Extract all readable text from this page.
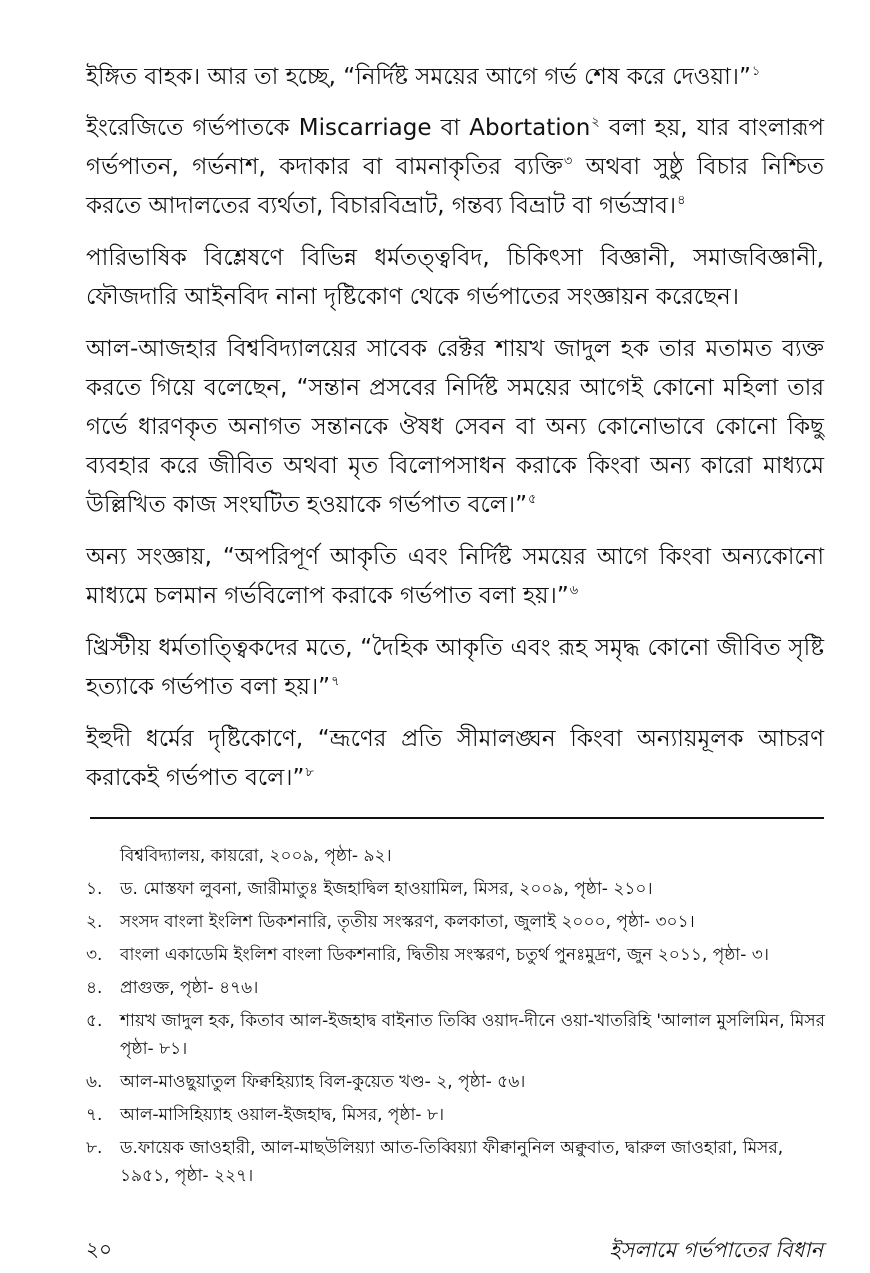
ইঙ্গিত বাহক। আর তা হচ্ছে, “নির্দিষ্ট সময়ের আগে গর্ভ শেষ করে দেওয়া।”$^১$

ইংরেজিতে গর্ভপাতকে Miscarriage বা Abortation$^২$ বলা হয়, যার বাংলারূপ গর্ভপাতন, গর্ভনাশ, কদাকার বা বামনাকৃতির ব্যক্তি$^৩$ অথবা সুষ্ঠু বিচার নিশ্চিত করতে আদালতের ব্যর্থতা, বিচারবিভ্রাট, গন্তব্য বিভ্রাট বা গর্ভস্রাব।$^৪$

পারিভাষিক বিশ্লেষণে বিভিন্ন ধর্মতত্ত্ববিদ, চিকিৎসা বিজ্ঞানী, সমাজবিজ্ঞানী, ফৌজদারি আইনবিদ নানা দৃষ্টিকোণ থেকে গর্ভপাতের সংজ্ঞায়ন করেছেন।

আল-আজহার বিশ্ববিদ্যালয়ের সাবেক রেক্টর শায়খ জাদুল হক তার মতামত ব্যক্ত করতে গিয়ে বলেছেন, “সন্তান প্রসবের নির্দিষ্ট সময়ের আগেই কোনো মহিলা তার গর্ভে ধারণকৃত অনাগত সন্তানকে ঔষধ সেবন বা অন্য কোনোভাবে কোনো কিছু ব্যবহার করে জীবিত অথবা মৃত বিলোপসাধন করাকে কিংবা অন্য কারো মাধ্যমে উল্লিখিত কাজ সংঘটিত হওয়াকে গর্ভপাত বলে।”$^৫$

অন্য সংজ্ঞায়, “অপরিপূর্ণ আকৃতি এবং নির্দিষ্ট সময়ের আগে কিংবা অন্যকোনো মাধ্যমে চলমান গর্ভবিলোপ করাকে গর্ভপাত বলা হয়।”$^৬$

খ্রিস্টীয় ধর্মতাত্ত্বিকদের মতে, “দৈহিক আকৃতি এবং রূহ সমৃদ্ধ কোনো জীবিত সৃষ্টি হত্যাকে গর্ভপাত বলা হয়।”$^৭$

ইহুদী ধর্মের দৃষ্টিকোণে, “ভ্রূণের প্রতি সীমালঙ্ঘন কিংবা অন্যায়মূলক আচরণ করাকেই গর্ভপাত বলে।”$^৮$

বিশ্ববিদ্যালয়, কায়রো, ২০০৯, পৃষ্ঠা- ৯২।
১.	ড. মোস্তফা লুবনা, জারীমাতুঃ ইজহাদ্বিল হাওয়ামিল, মিসর, ২০০৯, পৃষ্ঠা- ২১০।
২.	সংসদ বাংলা ইংলিশ ডিকশনারি, তৃতীয় সংস্করণ, কলকাতা, জুলাই ২০০০, পৃষ্ঠা- ৩০১।
৩.	বাংলা একাডেমি ইংলিশ বাংলা ডিকশনারি, দ্বিতীয় সংস্করণ, চতুর্থ পুনঃমুদ্রণ, জুন ২০১১, পৃষ্ঠা- ৩।
৪.	প্রাগুক্ত, পৃষ্ঠা- ৪৭৬।
৫.	শায়খ জাদুল হক, কিতাব আল-ইজহাদ্ব বাইনাত তিব্বি ওয়াদ-দীনে ওয়া-খাতরিহি 'আলাল মুসলিমিন, মিসর পৃষ্ঠা- ৮১।
৬.	আল-মাওছুয়াতুল ফিক্বহিয়্যাহ বিল-কুয়েত খণ্ড- ২, পৃষ্ঠা- ৫৬।
৭.	আল-মাসিহিয়্যাহ ওয়াল-ইজহাদ্ব, মিসর, পৃষ্ঠা- ৮।
৮.	ড.ফায়েক জাওহারী, আল-মাছউলিয়্যা আত-তিব্বিয়্যা ফীক্বানুনিল অক্বুবাত, দ্বারুল জাওহারা, মিসর, ১৯৫১, পৃষ্ঠা- ২২৭।
২০	ইসলামে গর্ভপাতের বিধান
